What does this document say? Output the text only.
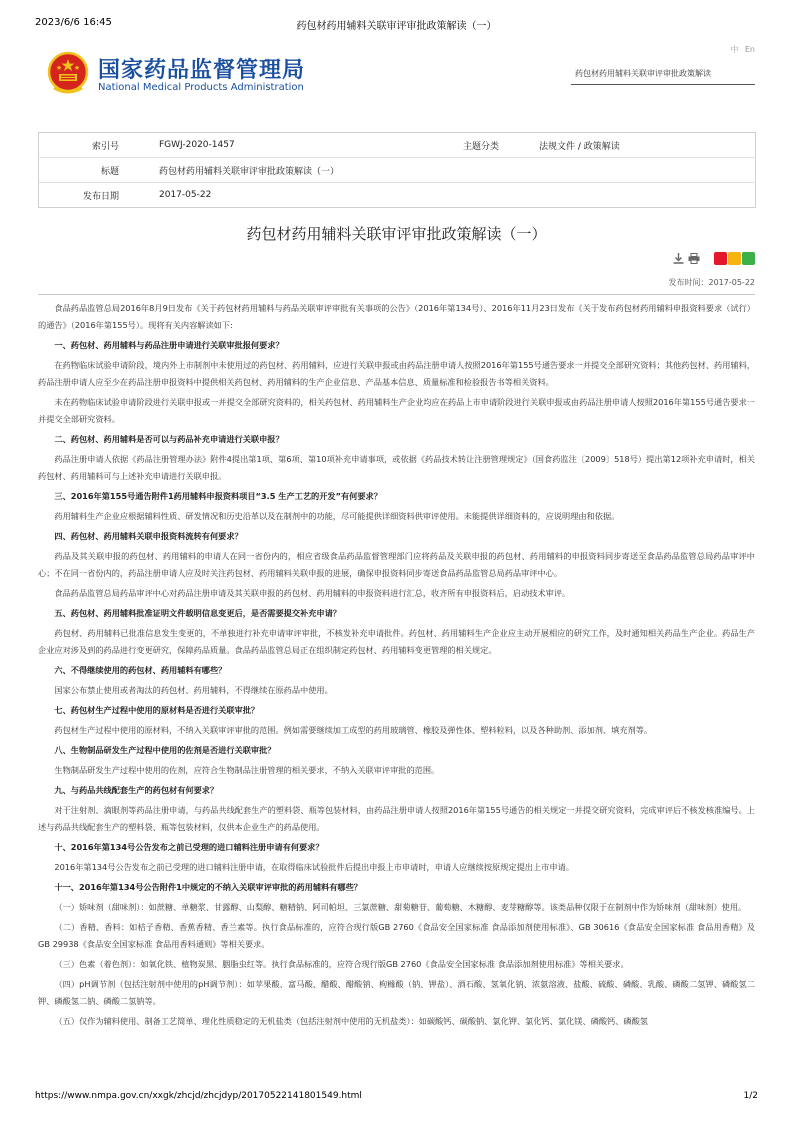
2023/6/6 16:45	药包材药用辅料关联审评审批政策解读（一）
国家药品监督管理局
National Medical Products Administration
中 En
药包材药用辅料关联审评审批政策解读
索引号	FGWJ-2020-1457	主题分类	法规文件 / 政策解读
标题	药包材药用辅料关联审评审批政策解读（一）		
发布日期	2017-05-22		
药包材药用辅料关联审评审批政策解读（一）
发布时间：2017-05-22

食品药品监管总局2016年8月9日发布《关于药包材药用辅料与药品关联审评审批有关事项的公告》（2016年第134号）、2016年11月23日发布《关于发布药包材药用辅料申报资料要求（试行）的通告》（2016年第155号）。现将有关内容解读如下:

一、药包材、药用辅料与药品注册申请进行关联审批报何要求？

在药物临床试验申请阶段，境内外上市制剂中未使用过的药包材、药用辅料，应进行关联申报或由药品注册申请人按照2016年第155号通告要求一并提交全部研究资料；其他药包材、药用辅料，药品注册申请人应至少在药品注册申报资料中提供相关药包材、药用辅料的生产企业信息、产品基本信息、质量标准和检验报告书等相关资料。

未在药物临床试验申请阶段进行关联申报或一并提交全部研究资料的，相关药包材、药用辅料生产企业均应在药品上市申请阶段进行关联申报或由药品注册申请人按照2016年第155号通告要求一并提交全部研究资料。

二、药包材、药用辅料是否可以与药品补充申请进行关联申报？

药品注册申请人依据《药品注册管理办法》附件4提出第1项、第6项、第10项补充申请事项，或依据《药品技术转让注册管理规定》（国食药监注〔2009〕518号）提出第12项补充申请时，相关药包材、药用辅料可与上述补充申请进行关联申报。

三、2016年第155号通告附件1药用辅料申报资料项目“3.5 生产工艺的开发”有何要求？

药用辅料生产企业应根据辅料性质、研发情况和历史沿革以及在制剂中的功能，尽可能提供详细资料供审评使用。未能提供详细资料的，应说明理由和依据。

四、药包材、药用辅料关联申报资料流转有何要求？

药品及其关联申报的药包材、药用辅料的申请人在同一省份内的，相应省级食品药品监督管理部门应将药品及关联申报的药包材、药用辅料的申报资料同步寄送至食品药品监管总局药品审评中心；不在同一省份内的，药品注册申请人应及时关注药包材、药用辅料关联申报的进展，确保申报资料同步寄送食品药品监管总局药品审评中心。

食品药品监管总局药品审评中心对药品注册申请及其关联申报的药包材、药用辅料的申报资料进行汇总，收齐所有申报资料后，启动技术审评。

五、药包材、药用辅料批准证明文件载明信息变更后，是否需要提交补充申请？

药包材、药用辅料已批准信息发生变更的，不单独进行补充申请审评审批，不核发补充申请批件。药包材、药用辅料生产企业应主动开展相应的研究工作，及时通知相关药品生产企业。药品生产企业应对涉及到的药品进行变更研究，保障药品质量。食品药品监管总局正在组织制定药包材、药用辅料变更管理的相关规定。

六、不得继续使用的药包材、药用辅料有哪些？

国家公布禁止使用或者淘汰的药包材、药用辅料，不得继续在原药品中使用。

七、药包材生产过程中使用的原材料是否进行关联审批？

药包材生产过程中使用的原材料，不纳入关联审评审批的范围。例如需要继续加工成型的药用玻璃管、橡胶及弹性体、塑料粒料，以及各种助剂、添加剂、填充剂等。

八、生物制品研发生产过程中使用的佐剂是否进行关联审批？

生物制品研发生产过程中使用的佐剂，应符合生物制品注册管理的相关要求，不纳入关联审评审批的范围。

九、与药品共线配套生产的药包材有何要求？

对于注射剂、滴眼剂等药品注册申请，与药品共线配套生产的塑料袋、瓶等包装材料，由药品注册申请人按照2016年第155号通告的相关规定一并提交研究资料，完成审评后不核发核准编号。上述与药品共线配套生产的塑料袋、瓶等包装材料，仅供本企业生产的药品使用。

十、2016年第134号公告发布之前已受理的进口辅料注册申请有何要求？

2016年第134号公告发布之前已受理的进口辅料注册申请，在取得临床试验批件后提出申报上市申请时，申请人应继续按原规定提出上市申请。

十一、2016年第134号公告附件1中规定的不纳入关联审评审批的药用辅料有哪些？

（一）矫味剂（甜味剂）：如蔗糖、单糖浆、甘露醇、山梨醇、糖精钠、阿司帕坦、三氯蔗糖、甜菊糖苷、葡萄糖、木糖醇、麦芽糖醇等。该类品种仅限于在制剂中作为矫味剂（甜味剂）使用。

（二）香精、香料：如桔子香精、香蕉香精、香兰素等。执行食品标准的，应符合现行版GB 2760《食品安全国家标准 食品添加剂使用标准》、GB 30616《食品安全国家标准 食品用香精》及GB 29938《食品安全国家标准 食品用香料通则》等相关要求。

（三）色素（着色剂）：如氧化铁、植物炭黑、胭脂虫红等。执行食品标准的，应符合现行版GB 2760《食品安全国家标准 食品添加剂使用标准》等相关要求。

（四）pH调节剂（包括注射剂中使用的pH调节剂）：如苹果酸、富马酸、醋酸、醋酸钠、枸橼酸（钠、钾盐）、酒石酸、氢氧化钠、浓氨溶液、盐酸、硫酸、磷酸、乳酸、磷酸二氢钾、磷酸氢二钾、磷酸氢二钠、磷酸二氢钠等。

（五）仅作为辅料使用、制备工艺简单、理化性质稳定的无机盐类（包括注射剂中使用的无机盐类）：如碳酸钙、碳酸钠、氯化钾、氯化钙、氯化镁、磷酸钙、磷酸氢

https://www.nmpa.gov.cn/xxgk/zhcjd/zhcjdyp/20170522141801549.html	1/2
